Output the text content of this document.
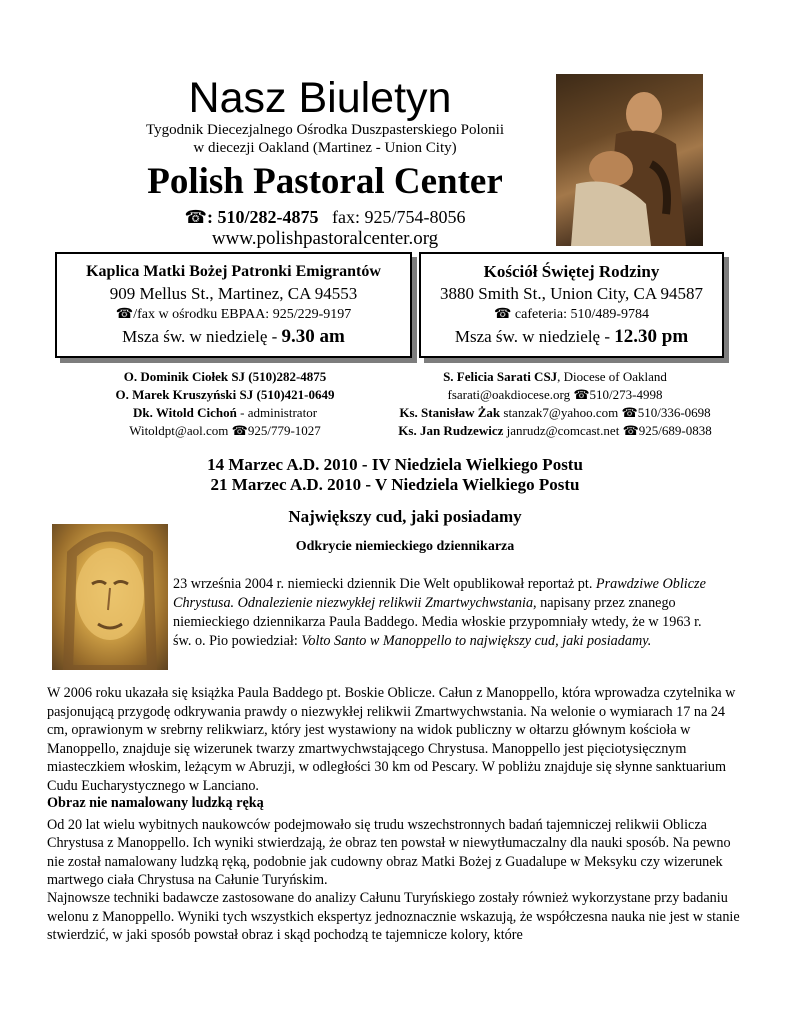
Nasz Biuletyn
Tygodnik Diecezjalnego Ośrodka Duszpasterskiego Polonii
w diecezji Oakland (Martinez - Union City)
Polish Pastoral Center
☎: 510/282-4875 fax: 925/754-8056
www.polishpastoralcenter.org
Kaplica Matki Bożej Patronki Emigrantów
909 Mellus St., Martinez, CA 94553
☎/fax w ośrodku EBPAA: 925/229-9197
Msza św. w niedzielę - 9.30 am
Kościół Świętej Rodziny
3880 Smith St., Union City, CA 94587
☎ cafeteria: 510/489-9784
Msza św. w niedzielę - 12.30 pm
O. Dominik Ciołek SJ (510)282-4875
O. Marek Kruszyński SJ (510)421-0649
Dk. Witold Cichoń - administrator
Witoldpt@aol.com ☎925/779-1027
S. Felicia Sarati CSJ, Diocese of Oakland
fsarati@oakdiocese.org ☎510/273-4998
Ks. Stanisław Żak stanzak7@yahoo.com ☎510/336-0698
Ks. Jan Rudzewicz janrudz@comcast.net ☎925/689-0838
14 Marzec A.D. 2010 - IV Niedziela Wielkiego Postu
21 Marzec A.D. 2010 - V Niedziela Wielkiego Postu
Największy cud, jaki posiadamy
Odkrycie niemieckiego dziennikarza
23 września 2004 r. niemiecki dziennik Die Welt opublikował reportaż pt. Prawdziwe Oblicze Chrystusa. Odnalezienie niezwykłej relikwii Zmartwychwstania, napisany przez znanego niemieckiego dziennikarza Paula Baddego. Media włoskie przypomniały wtedy, że w 1963 r. św. o. Pio powiedział: Volto Santo w Manoppello to największy cud, jaki posiadamy.
W 2006 roku ukazała się książka Paula Baddego pt. Boskie Oblicze. Całun z Manoppello, która wprowadza czytelnika w pasjonującą przygodę odkrywania prawdy o niezwykłej relikwii Zmartwychwstania. Na welonie o wymiarach 17 na 24 cm, oprawionym w srebrny relikwiarz, który jest wystawiony na widok publiczny w ołtarzu głównym kościoła w Manoppello, znajduje się wizerunek twarzy zmartwychwstającego Chrystusa. Manoppello jest pięciotysięcznym miasteczkiem włoskim, leżącym w Abruzji, w odległości 30 km od Pescary. W pobliżu znajduje się słynne sanktuarium Cudu Eucharystycznego w Lanciano.
Obraz nie namalowany ludzką ręką
Od 20 lat wielu wybitnych naukowców podejmowało się trudu wszechstronnych badań tajemniczej relikwii Oblicza Chrystusa z Manoppello. Ich wyniki stwierdzają, że obraz ten powstał w niewytłumaczalny dla nauki sposób. Na pewno nie został namalowany ludzką ręką, podobnie jak cudowny obraz Matki Bożej z Guadalupe w Meksyku czy wizerunek martwego ciała Chrystusa na Całunie Turyńskim.
Najnowsze techniki badawcze zastosowane do analizy Całunu Turyńskiego zostały również wykorzystane przy badaniu welonu z Manoppello. Wyniki tych wszystkich ekspertyz jednoznacznie wskazują, że współczesna nauka nie jest w stanie stwierdzić, w jaki sposób powstał obraz i skąd pochodzą te tajemnicze kolory, które
